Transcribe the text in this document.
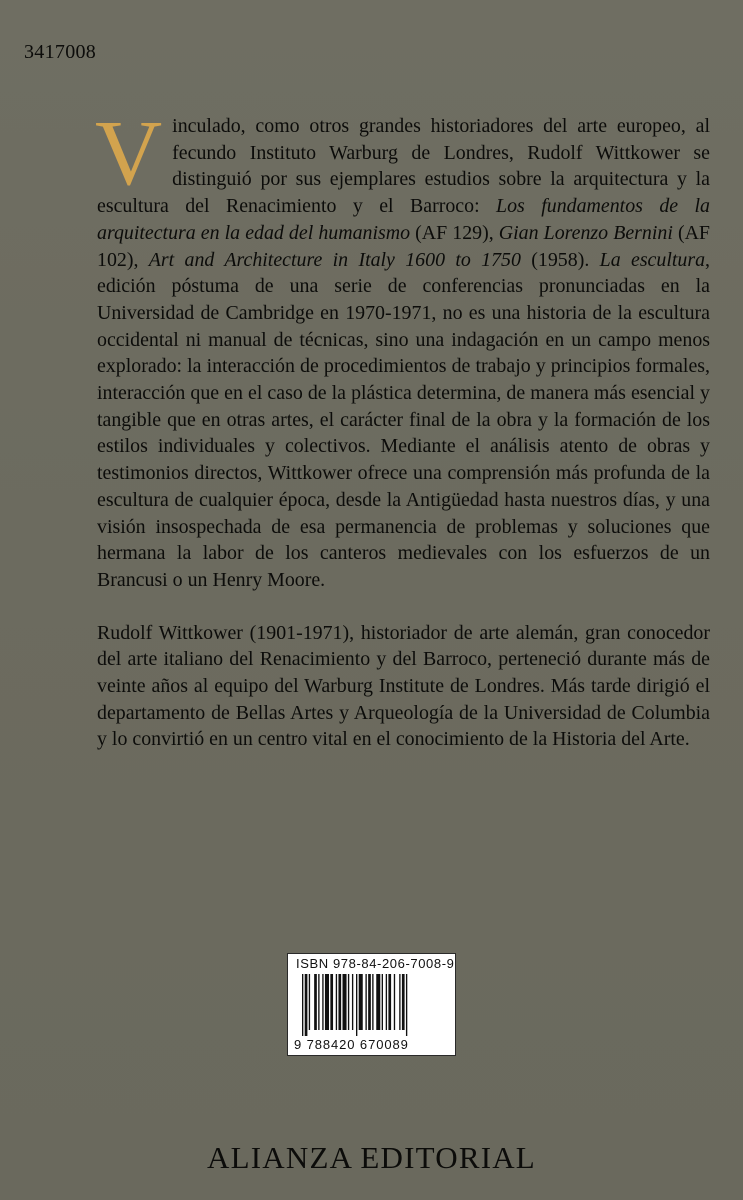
3417008

V inculado, como otros grandes historiadores del arte europeo, al fecundo Instituto Warburg de Londres, Rudolf Wittkower se distinguió por sus ejemplares estudios sobre la arquitectura y la escultura del Renacimiento y el Barroco: Los fundamentos de la arquitectura en la edad del humanismo (AF 129), Gian Lorenzo Bernini (AF 102), Art and Architecture in Italy 1600 to 1750 (1958). La escultura, edición póstuma de una serie de conferencias pronunciadas en la Universidad de Cambridge en 1970-1971, no es una historia de la escultura occidental ni manual de técnicas, sino una indagación en un campo menos explorado: la interacción de procedimientos de trabajo y principios formales, interacción que en el caso de la plástica determina, de manera más esencial y tangible que en otras artes, el carácter final de la obra y la formación de los estilos individuales y colectivos. Mediante el análisis atento de obras y testimonios directos, Wittkower ofrece una comprensión más profunda de la escultura de cualquier época, desde la Antigüedad hasta nuestros días, y una visión insospechada de esa permanencia de problemas y soluciones que hermana la labor de los canteros medievales con los esfuerzos de un Brancusi o un Henry Moore.

Rudolf Wittkower (1901-1971), historiador de arte alemán, gran conocedor del arte italiano del Renacimiento y del Barroco, perteneció durante más de veinte años al equipo del Warburg Institute de Londres. Más tarde dirigió el departamento de Bellas Artes y Arqueología de la Universidad de Columbia y lo convirtió en un centro vital en el conocimiento de la Historia del Arte.

ISBN 978-84-206-7008-9
9 788420 670089
ALIANZA EDITORIAL
